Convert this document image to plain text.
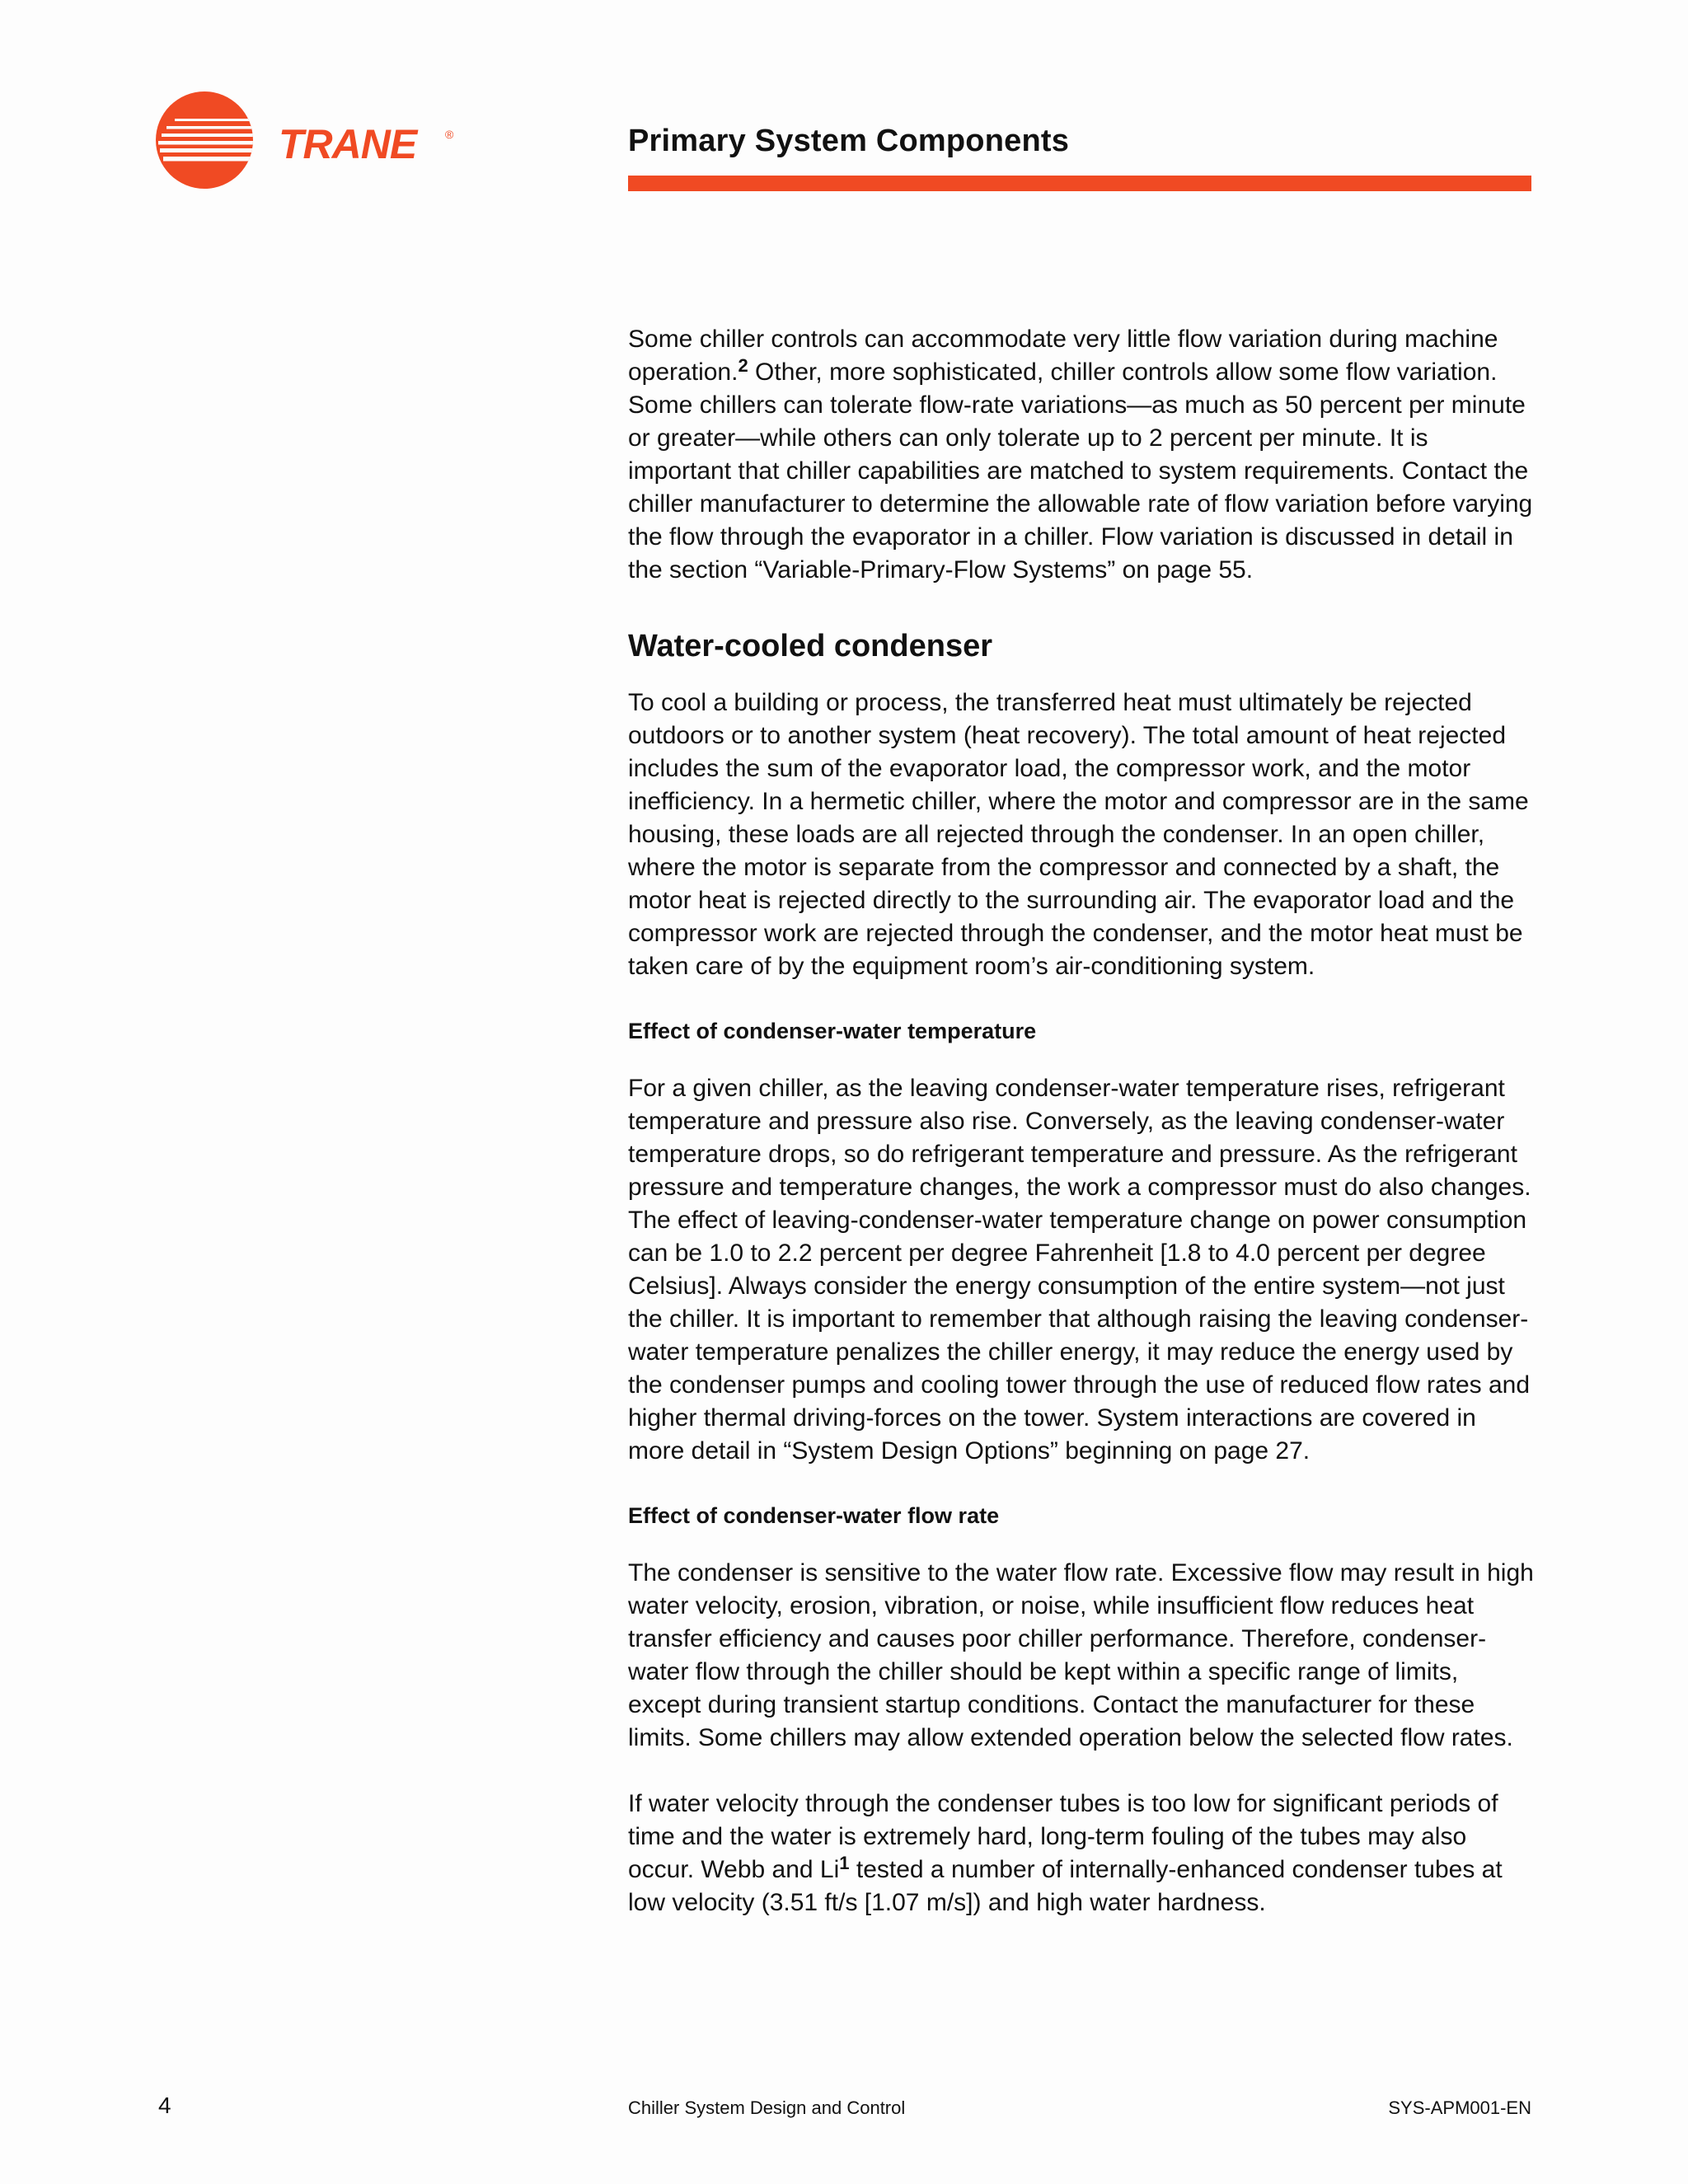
TRANE ®	Primary System Components

Some chiller controls can accommodate very little flow variation during machine operation.$^2$ Other, more sophisticated, chiller controls allow some flow variation. Some chillers can tolerate flow-rate variations—as much as 50 percent per minute or greater—while others can only tolerate up to 2 percent per minute. It is important that chiller capabilities are matched to system requirements. Contact the chiller manufacturer to determine the allowable rate of flow variation before varying the flow through the evaporator in a chiller. Flow variation is discussed in detail in the section “Variable-Primary-Flow Systems” on page 55.

Water-cooled condenser

To cool a building or process, the transferred heat must ultimately be rejected outdoors or to another system (heat recovery). The total amount of heat rejected includes the sum of the evaporator load, the compressor work, and the motor inefficiency. In a hermetic chiller, where the motor and compressor are in the same housing, these loads are all rejected through the condenser. In an open chiller, where the motor is separate from the compressor and connected by a shaft, the motor heat is rejected directly to the surrounding air. The evaporator load and the compressor work are rejected through the condenser, and the motor heat must be taken care of by the equipment room’s air-conditioning system.

Effect of condenser-water temperature

For a given chiller, as the leaving condenser-water temperature rises, refrigerant temperature and pressure also rise. Conversely, as the leaving condenser-water temperature drops, so do refrigerant temperature and pressure. As the refrigerant pressure and temperature changes, the work a compressor must do also changes. The effect of leaving-condenser-water temperature change on power consumption can be 1.0 to 2.2 percent per degree Fahrenheit [1.8 to 4.0 percent per degree Celsius]. Always consider the energy consumption of the entire system—not just the chiller. It is important to remember that although raising the leaving condenser-water temperature penalizes the chiller energy, it may reduce the energy used by the condenser pumps and cooling tower through the use of reduced flow rates and higher thermal driving-forces on the tower. System interactions are covered in more detail in “System Design Options” beginning on page 27.

Effect of condenser-water flow rate

The condenser is sensitive to the water flow rate. Excessive flow may result in high water velocity, erosion, vibration, or noise, while insufficient flow reduces heat transfer efficiency and causes poor chiller performance. Therefore, condenser-water flow through the chiller should be kept within a specific range of limits, except during transient startup conditions. Contact the manufacturer for these limits. Some chillers may allow extended operation below the selected flow rates.

If water velocity through the condenser tubes is too low for significant periods of time and the water is extremely hard, long-term fouling of the tubes may also occur. Webb and Li$^1$ tested a number of internally-enhanced condenser tubes at low velocity (3.51 ft/s [1.07 m/s]) and high water hardness.

4	Chiller System Design and Control	SYS-APM001-EN
